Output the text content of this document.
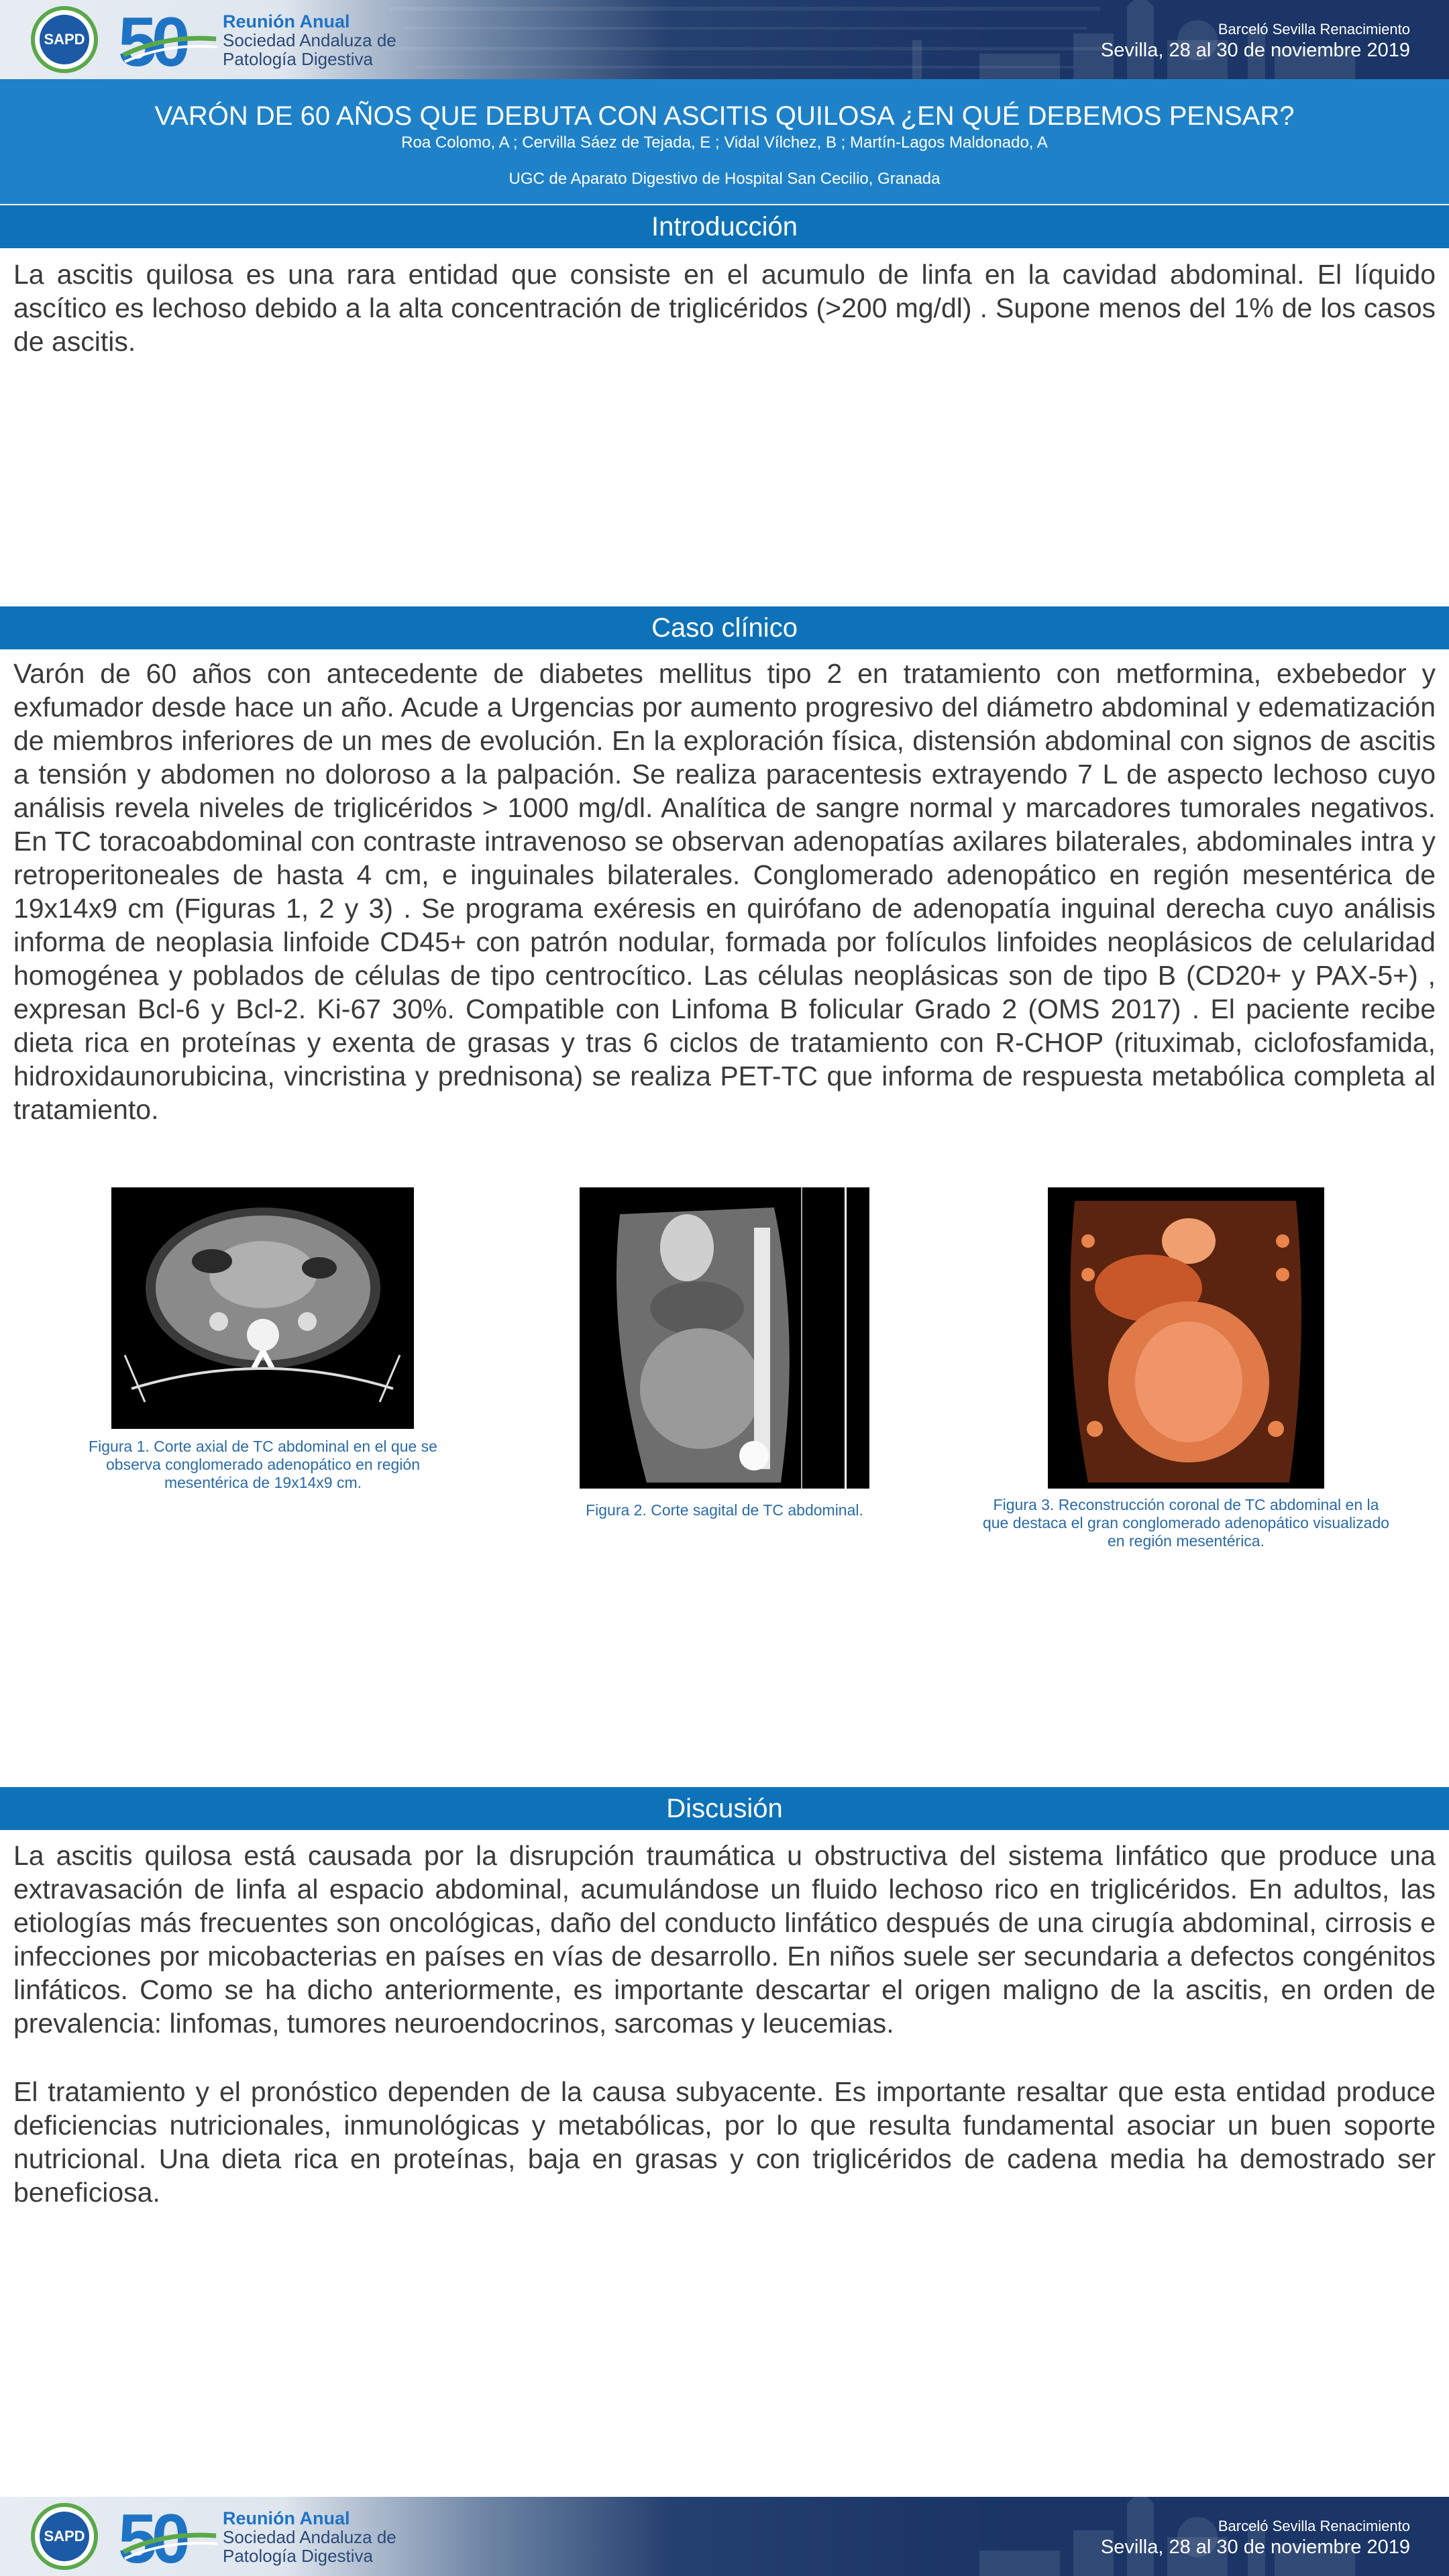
SAPD 50 Reunión Anual
Sociedad Andaluza de
Patología Digestiva
Barceló Sevilla Renacimiento
Sevilla, 28 al 30 de noviembre 2019
VARÓN DE 60 AÑOS QUE DEBUTA CON ASCITIS QUILOSA ¿EN QUÉ DEBEMOS PENSAR?
Roa Colomo, A ; Cervilla Sáez de Tejada, E ; Vidal Vílchez, B ; Martín-Lagos Maldonado, A
UGC de Aparato Digestivo de Hospital San Cecilio, Granada
Introducción
La ascitis quilosa es una rara entidad que consiste en el acumulo de linfa en la cavidad abdominal. El líquido ascítico es lechoso debido a la alta concentración de triglicéridos (>200 mg/dl) . Supone menos del 1% de los casos de ascitis.
Caso clínico
Varón de 60 años con antecedente de diabetes mellitus tipo 2 en tratamiento con metformina, exbebedor y exfumador desde hace un año. Acude a Urgencias por aumento progresivo del diámetro abdominal y edematización de miembros inferiores de un mes de evolución. En la exploración física, distensión abdominal con signos de ascitis a tensión y abdomen no doloroso a la palpación. Se realiza paracentesis extrayendo 7 L de aspecto lechoso cuyo análisis revela niveles de triglicéridos > 1000 mg/dl. Analítica de sangre normal y marcadores tumorales negativos. En TC toracoabdominal con contraste intravenoso se observan adenopatías axilares bilaterales, abdominales intra y retroperitoneales de hasta 4 cm, e inguinales bilaterales. Conglomerado adenopático en región mesentérica de 19x14x9 cm (Figuras 1, 2 y 3) . Se programa exéresis en quirófano de adenopatía inguinal derecha cuyo análisis informa de neoplasia linfoide CD45+ con patrón nodular, formada por folículos linfoides neoplásicos de celularidad homogénea y poblados de células de tipo centrocítico. Las células neoplásicas son de tipo B (CD20+ y PAX-5+) , expresan Bcl-6 y Bcl-2. Ki-67 30%. Compatible con Linfoma B folicular Grado 2 (OMS 2017) . El paciente recibe dieta rica en proteínas y exenta de grasas y tras 6 ciclos de tratamiento con R-CHOP (rituximab, ciclofosfamida, hidroxidaunorubicina, vincristina y prednisona) se realiza PET-TC que informa de respuesta metabólica completa al tratamiento.
Figura 1. Corte axial de TC abdominal en el que se observa conglomerado adenopático en región mesentérica de 19x14x9 cm.
Figura 2. Corte sagital de TC abdominal.	Figura 3. Reconstrucción coronal de TC abdominal en la que destaca el gran conglomerado adenopático visualizado en región mesentérica.
Discusión
La ascitis quilosa está causada por la disrupción traumática u obstructiva del sistema linfático que produce una extravasación de linfa al espacio abdominal, acumulándose un fluido lechoso rico en triglicéridos. En adultos, las etiologías más frecuentes son oncológicas, daño del conducto linfático después de una cirugía abdominal, cirrosis e infecciones por micobacterias en países en vías de desarrollo. En niños suele ser secundaria a defectos congénitos linfáticos. Como se ha dicho anteriormente, es importante descartar el origen maligno de la ascitis, en orden de prevalencia: linfomas, tumores neuroendocrinos, sarcomas y leucemias.
El tratamiento y el pronóstico dependen de la causa subyacente. Es importante resaltar que esta entidad produce deficiencias nutricionales, inmunológicas y metabólicas, por lo que resulta fundamental asociar un buen soporte nutricional. Una dieta rica en proteínas, baja en grasas y con triglicéridos de cadena media ha demostrado ser beneficiosa.
SAPD 50 Reunión Anual
Sociedad Andaluza de
Patología Digestiva
Barceló Sevilla Renacimiento
Sevilla, 28 al 30 de noviembre 2019
